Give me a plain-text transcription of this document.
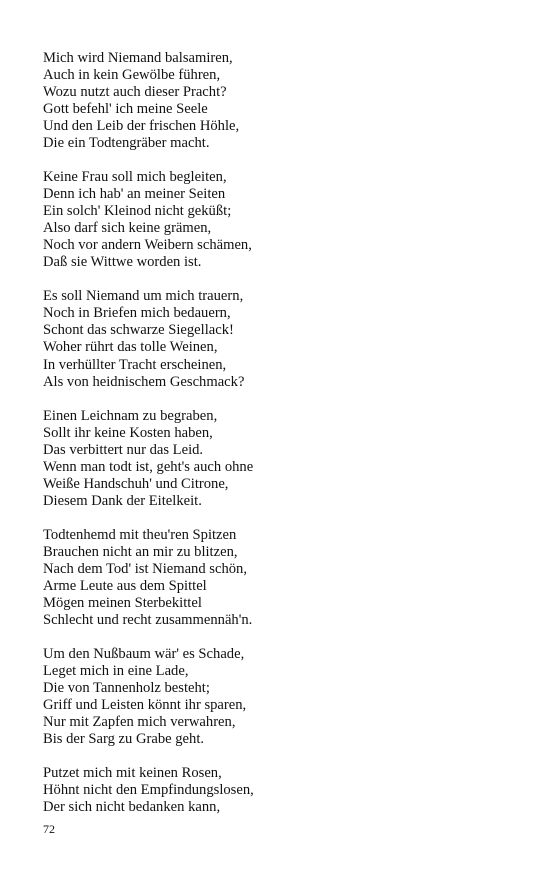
Mich wird Niemand balsamiren,
Auch in kein Gewölbe führen,
Wozu nutzt auch dieser Pracht?
Gott befehl' ich meine Seele
Und den Leib der frischen Höhle,
Die ein Todtengräber macht.
Keine Frau soll mich begleiten,
Denn ich hab' an meiner Seiten
Ein solch' Kleinod nicht geküßt;
Also darf sich keine grämen,
Noch vor andern Weibern schämen,
Daß sie Wittwe worden ist.
Es soll Niemand um mich trauern,
Noch in Briefen mich bedauern,
Schont das schwarze Siegellack!
Woher rührt das tolle Weinen,
In verhüllter Tracht erscheinen,
Als von heidnischem Geschmack?
Einen Leichnam zu begraben,
Sollt ihr keine Kosten haben,
Das verbittert nur das Leid.
Wenn man todt ist, geht's auch ohne
Weiße Handschuh' und Citrone,
Diesem Dank der Eitelkeit.
Todtenhemd mit theu'ren Spitzen
Brauchen nicht an mir zu blitzen,
Nach dem Tod' ist Niemand schön,
Arme Leute aus dem Spittel
Mögen meinen Sterbekittel
Schlecht und recht zusammennäh'n.
Um den Nußbaum wär' es Schade,
Leget mich in eine Lade,
Die von Tannenholz besteht;
Griff und Leisten könnt ihr sparen,
Nur mit Zapfen mich verwahren,
Bis der Sarg zu Grabe geht.
Putzet mich mit keinen Rosen,
Höhnt nicht den Empfindungslosen,
Der sich nicht bedanken kann,
72
